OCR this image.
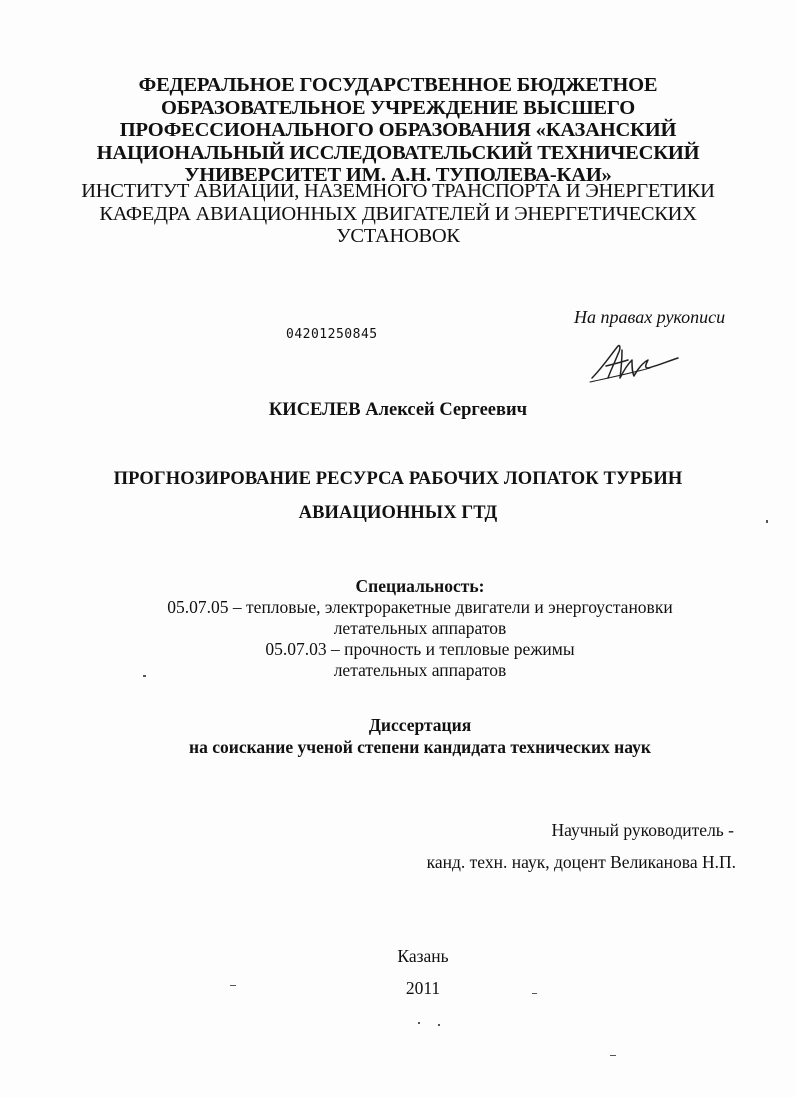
ФЕДЕРАЛЬНОЕ ГОСУДАРСТВЕННОЕ БЮДЖЕТНОЕ
ОБРАЗОВАТЕЛЬНОЕ УЧРЕЖДЕНИЕ ВЫСШЕГО
ПРОФЕССИОНАЛЬНОГО ОБРАЗОВАНИЯ «КАЗАНСКИЙ
НАЦИОНАЛЬНЫЙ ИССЛЕДОВАТЕЛЬСКИЙ ТЕХНИЧЕСКИЙ
УНИВЕРСИТЕТ ИМ. А.Н. ТУПОЛЕВА-КАИ»
ИНСТИТУТ АВИАЦИИ, НАЗЕМНОГО ТРАНСПОРТА И ЭНЕРГЕТИКИ
КАФЕДРА АВИАЦИОННЫХ ДВИГАТЕЛЕЙ И ЭНЕРГЕТИЧЕСКИХ
УСТАНОВОК
На правах рукописи
04201250845
КИСЕЛЕВ Алексей Сергеевич
ПРОГНОЗИРОВАНИЕ РЕСУРСА РАБОЧИХ ЛОПАТОК ТУРБИН
АВИАЦИОННЫХ ГТД
Специальность:
05.07.05 – тепловые, электроракетные двигатели и энергоустановки
летательных аппаратов
05.07.03 – прочность и тепловые режимы
летательных аппаратов
Диссертация
на соискание ученой степени кандидата технических наук
Научный руководитель -
канд. техн. наук, доцент Великанова Н.П.
Казань
2011
